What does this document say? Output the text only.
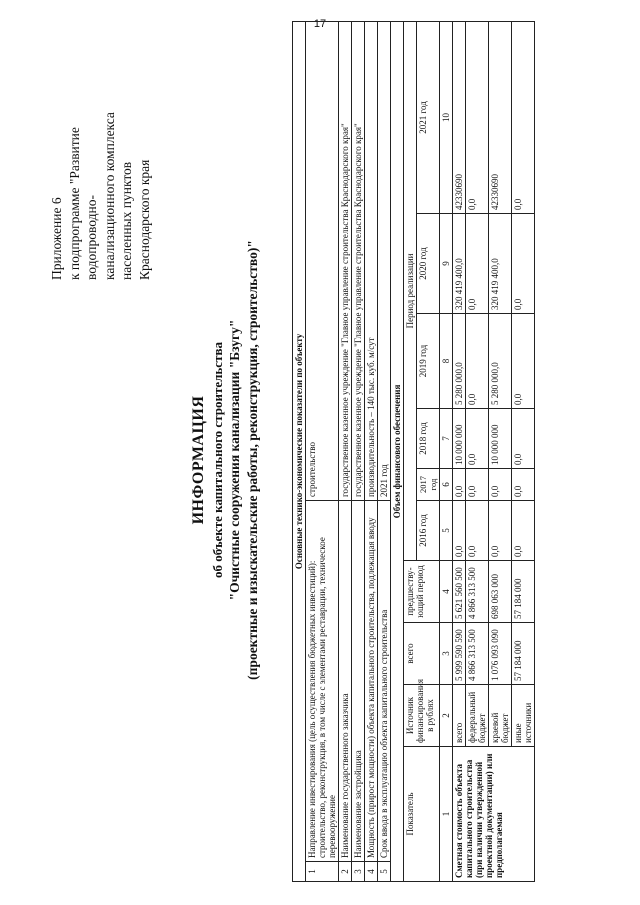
17
Приложение 6 к подпрограмме "Развитие водопроводно- канализационного комплекса населенных пунктов Краснодарского края
ИНФОРМАЦИЯ об объекте капитального строительства "Очистные сооружения канализации "Бзугу" (проектные и изыскательские работы, реконструкция, строительство)"	Основные технико-экономические показатели по объекту										
1	Направление инвестирования (цель осуществления бюджетных инвестиций): строительство, реконструкция, в том числе с элементами реставрации, техническое перевооружение					строительство				
2	Наименование государственного заказчика					государственное казенное учреждение "Главное управление строительства Краснодарского края"				
3	Наименование застройщика					государственное казенное учреждение "Главное управление строительства Краснодарского края"				
4	Мощность (прирост мощности) объекта капитального строительства, подлежащая вводу					производительность – 140 тыс. куб. м/сут				
5	Срок ввода в эксплуатацию объекта капитального строительства					2021 год				
Объем финансового обеспечения										
Показатель		Источник финансирования в рублях	всего	предшеству-ющий период	Период реализации					
					2016 год	2017 год	2018 год	2019 год	2020 год	2021 год
1		2	3	4	5	6	7	8	9	10
Сметная стоимость объекта капитального строительства (при наличии утвержденной проектной документации) или предполагаемая		всего	5 999 590 590	5 621 560 500	0,0	0,0	10 000 000	5 280 000,0	320 419 400,0	42330690
		федеральный бюджет	4 866 313 500	4 866 313 500	0,0	0,0	0,0	0,0	0,0	0,0
		краевой бюджет	1 076 093 090	698 063 000	0,0	0,0	10 000 000	5 280 000,0	320 419 400,0	42330690
		иные источники	57 184 000	57 184 000	0,0	0,0	0,0	0,0	0,0	0,0
